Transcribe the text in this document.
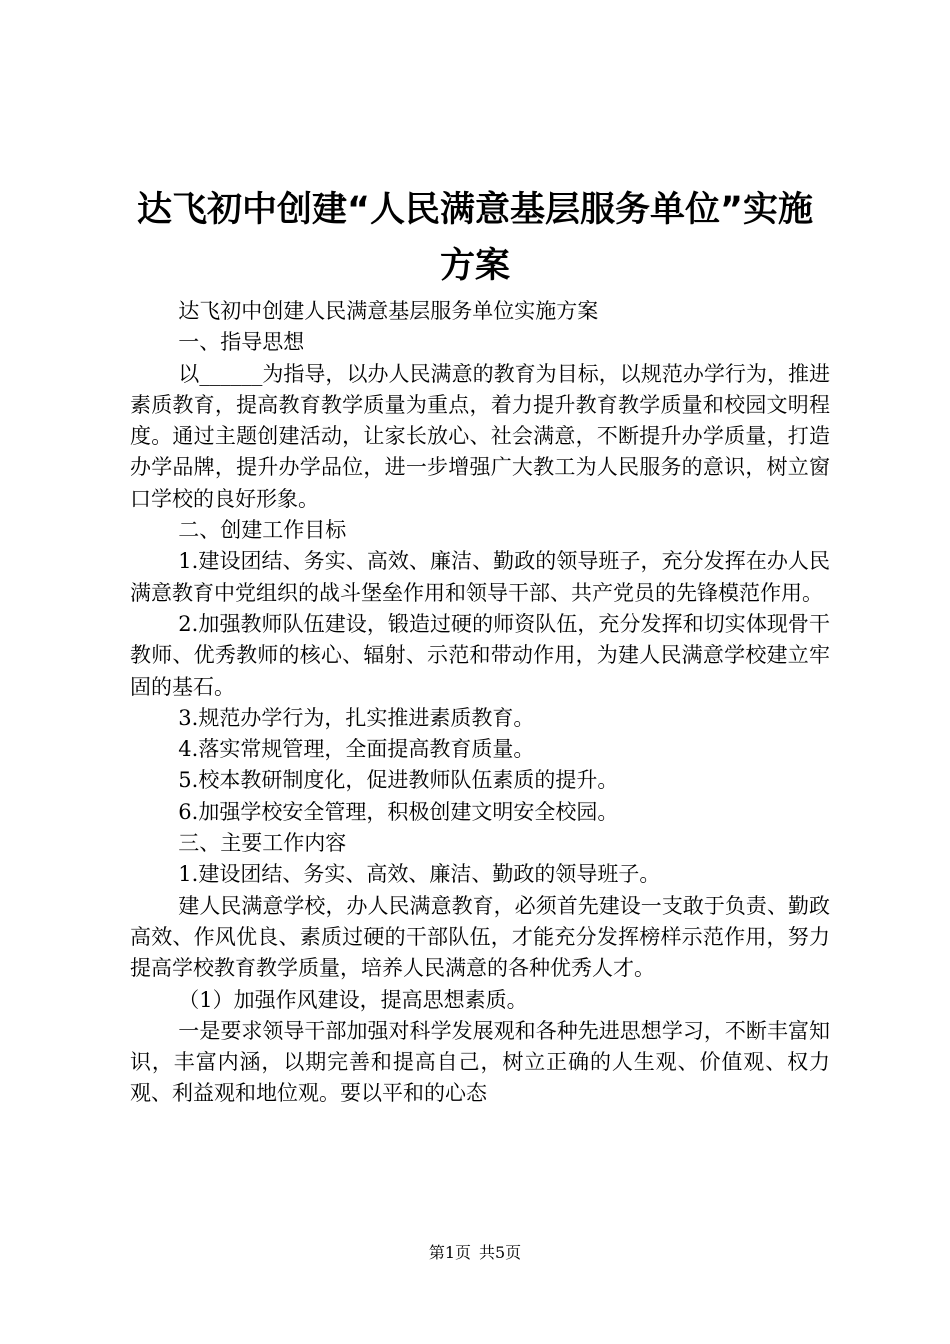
达飞初中创建“人民满意基层服务单位”实施
方案

达飞初中创建人民满意基层服务单位实施方案

一、指导思想

以______为指导，以办人民满意的教育为目标，以规范办学行为，推进素质教育，提高教育教学质量为重点，着力提升教育教学质量和校园文明程度。通过主题创建活动，让家长放心、社会满意，不断提升办学质量，打造办学品牌，提升办学品位，进一步增强广大教工为人民服务的意识，树立窗口学校的良好形象。

二、创建工作目标

1.建设团结、务实、高效、廉洁、勤政的领导班子，充分发挥在办人民满意教育中党组织的战斗堡垒作用和领导干部、共产党员的先锋模范作用。

2.加强教师队伍建设，锻造过硬的师资队伍，充分发挥和切实体现骨干教师、优秀教师的核心、辐射、示范和带动作用，为建人民满意学校建立牢固的基石。

3.规范办学行为，扎实推进素质教育。

4.落实常规管理，全面提高教育质量。

5.校本教研制度化，促进教师队伍素质的提升。

6.加强学校安全管理，积极创建文明安全校园。

三、主要工作内容

1.建设团结、务实、高效、廉洁、勤政的领导班子。

建人民满意学校，办人民满意教育，必须首先建设一支敢于负责、勤政高效、作风优良、素质过硬的干部队伍，才能充分发挥榜样示范作用，努力提高学校教育教学质量，培养人民满意的各种优秀人才。

（1）加强作风建设，提高思想素质。

一是要求领导干部加强对科学发展观和各种先进思想学习，不断丰富知识，丰富内涵，以期完善和提高自己，树立正确的人生观、价值观、权力观、利益观和地位观。要以平和的心态

第1页 共5页
